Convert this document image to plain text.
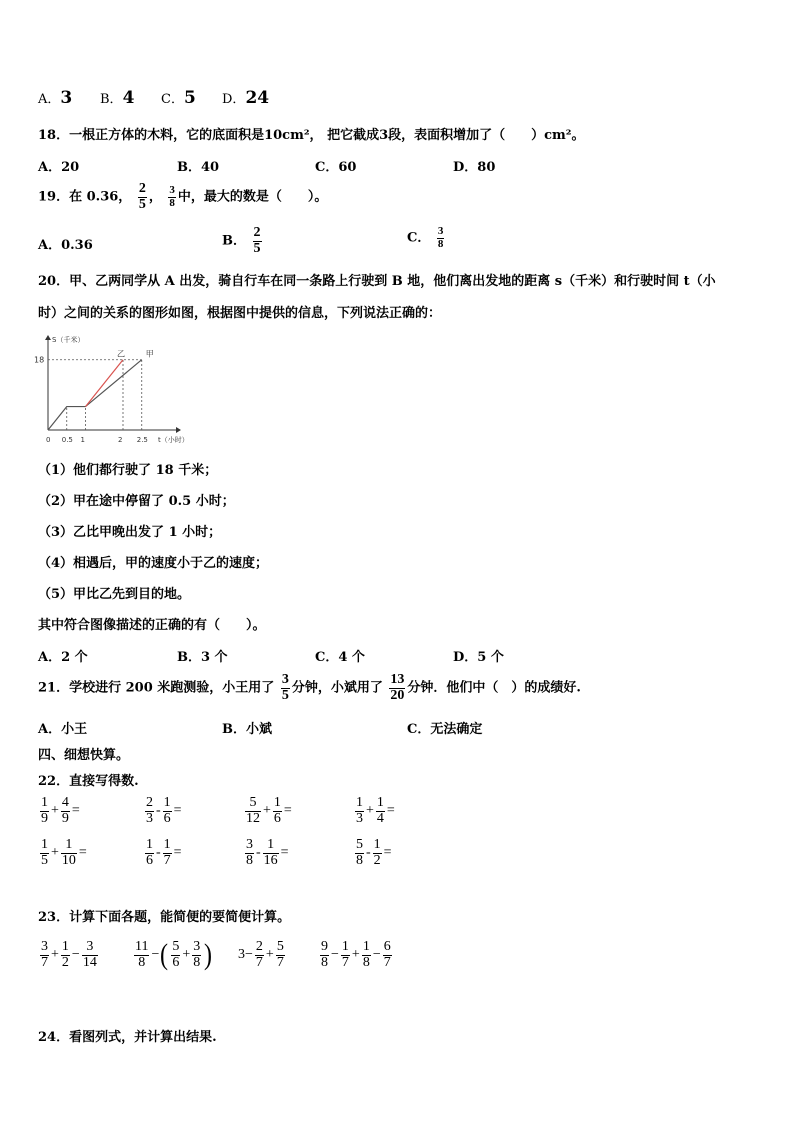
A．3 B．4 C．5 D．24
18．一根正方体的木料，它的底面积是10cm²， 把它截成3段，表面积增加了（　　）cm²。
A．20	B．40	C．60	D．80
19．在 0.36， $\frac{2}{5}$ ， $\frac{3}{8}$ 中，最大的数是（　　）。
A．0.36	B． $\frac{2}{5}$	C． $\frac{3}{8}$
20．甲、乙两同学从 A 出发，骑自行车在同一条路上行驶到 B 地，他们离出发地的距离 s（千米）和行驶时间 t（小
时）之间的关系的图形如图，根据图中提供的信息，下列说法正确的：
S（千米）
t（小时）
18
0 0.5 1	2 2.5
甲
乙
（1）他们都行驶了 18 千米；
（2）甲在途中停留了 0.5 小时；
（3）乙比甲晚出发了 1 小时；
（4）相遇后，甲的速度小于乙的速度；
（5）甲比乙先到目的地。
其中符合图像描述的正确的有（　　）。
A．2 个	B．3 个	C．4 个	D．5 个
21．学校进行 200 米跑测验，小王用了 $\frac{3}{5}$ 分钟，小斌用了 $\frac{13}{20}$ 分钟．他们中（　）的成绩好.
A．小王	B．小斌	C．无法确定
四、细想快算。
22．直接写得数.
$\frac{1}{9} + \frac{4}{9}$ =	$\frac{2}{3} - \frac{1}{6}$ =	$\frac{5}{12} + \frac{1}{6}$ =	$\frac{1}{3} + \frac{1}{4}$ =
$\frac{1}{5} + \frac{1}{10}$ =	$\frac{1}{6} - \frac{1}{7}$ =	$\frac{3}{8} - \frac{1}{16}$ =	$\frac{5}{8} - \frac{1}{2}$ =
23．计算下面各题，能简便的要简便计算。
$\frac{3}{7} + \frac{1}{2} - \frac{3}{14}$	$\frac{11}{8}$ −( $\frac{5}{6} + \frac{3}{8}$ ) $3- \frac{2}{7} + \frac{5}{7}$	$\frac{9}{8} - \frac{1}{7} + \frac{1}{8} - \frac{6}{7}$
24．看图列式，并计算出结果.
